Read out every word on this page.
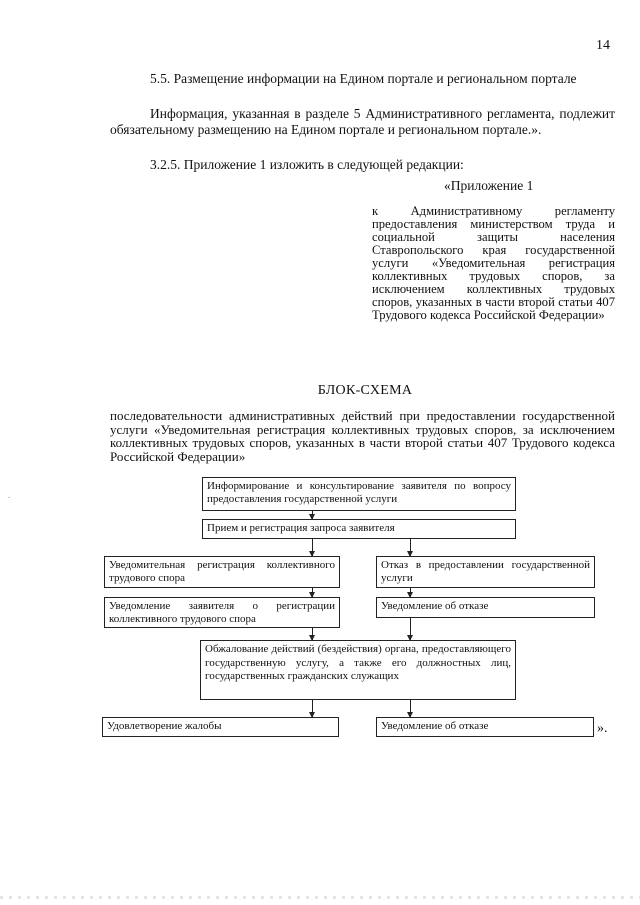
14
5.5. Размещение информации на Едином портале и региональном портале
Информация, указанная в разделе 5 Административного регламента, подлежит обязательному размещению на Едином портале и региональном портале.».
3.2.5. Приложение 1 изложить в следующей редакции:
«Приложение 1
к Административному регламенту предоставления министерством труда и социальной защиты населения Ставропольского края государственной услуги «Уведомительная регистрация коллективных трудовых споров, за исключением коллективных трудовых споров, указанных в части второй статьи 407 Трудового кодекса Российской Федерации»
БЛОК-СХЕМА
последовательности административных действий при предоставлении государственной услуги «Уведомительная регистрация коллективных трудовых споров, за исключением коллективных трудовых споров, указанных в части второй статьи 407 Трудового кодекса Российской Федерации»
.
Информирование и консультирование заявителя по вопросу предоставления государственной услуги
Прием и регистрация запроса заявителя
Уведомительная регистрация коллективного трудового спора
Отказ в предоставлении государственной услуги
Уведомление заявителя о регистрации коллективного трудового спора
Уведомление об отказе
Обжалование действий (бездействия) органа, предоставляющего государственную услугу, а также его должностных лиц, государственных гражданских служащих
Удовлетворение жалобы	Уведомление об отказе	».
